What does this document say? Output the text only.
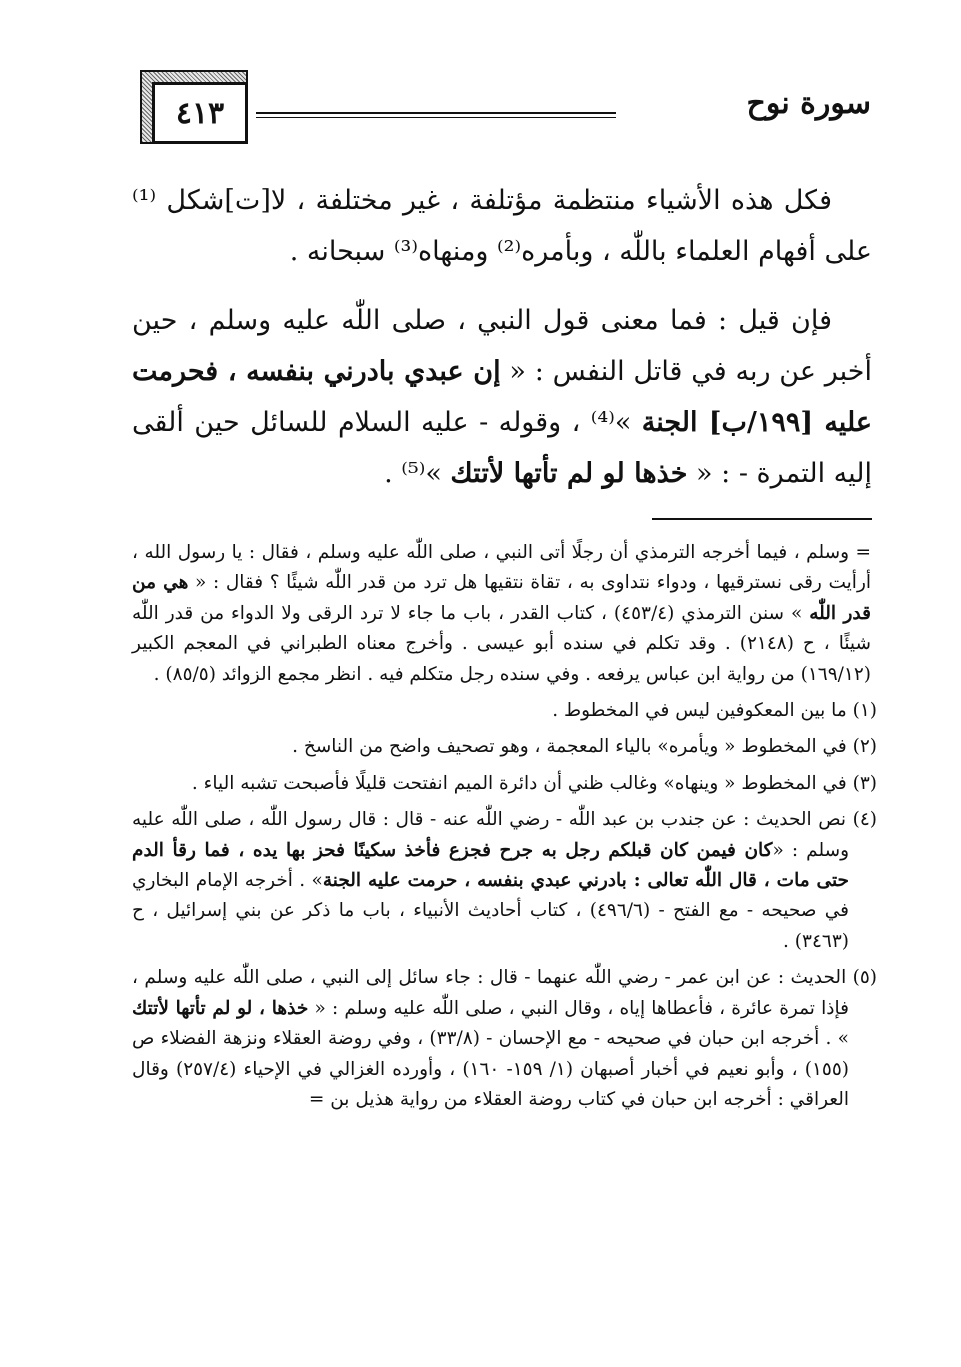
٤١٣	سورة نوح

فكل هذه الأشياء منتظمة مؤتلفة ، غير مختلفة ، لا[ت]شكل ⁽¹⁾ على أفهام العلماء باللّٰه ، وبأمره⁽²⁾ ومنهاه⁽³⁾ سبحانه .

فإن قيل : فما معنى قول النبي ، صلى اللّٰه عليه وسلم ، حين أخبر عن ربه في قاتل النفس : « إن عبدي بادرني بنفسه ، فحرمت عليه [١٩٩/ب] الجنة »⁽⁴⁾ ، وقوله - عليه السلام للسائل حين ألقى إليه التمرة - : « خذها لو لم تأتها لأتتك »⁽⁵⁾ .

= وسلم ، فيما أخرجه الترمذي أن رجلًا أتى النبي ، صلى اللّٰه عليه وسلم ، فقال : يا رسول الله ، أرأيت رقى نسترقيها ، ودواء نتداوى به ، تقاة نتقيها هل ترد من قدر اللّٰه شيئًا ؟ فقال : « هي من قدر اللّٰه » سنن الترمذي (٤٥٣/٤) ، كتاب القدر ، باب ما جاء لا ترد الرقى ولا الدواء من قدر اللّٰه شيئًا ، ح (٢١٤٨) . وقد تكلم في سنده أبو عيسى . وأخرج معناه الطبراني في المعجم الكبير (١٦٩/١٢) من رواية ابن عباس يرفعه . وفي سنده رجل متكلم فيه . انظر مجمع الزوائد (٨٥/٥) .

(١) ما بين المعكوفين ليس في المخطوط .

(٢) في المخطوط « ويأمره» بالياء المعجمة ، وهو تصحيف واضح من الناسخ .

(٣) في المخطوط « وينهاه» وغالب ظني أن دائرة الميم انفتحت قليلًا فأصبحت تشبه الياء .

(٤) نص الحديث : عن جندب بن عبد اللّٰه - رضي اللّٰه عنه - قال : قال رسول اللّٰه ، صلى اللّٰه عليه وسلم : «كان فيمن كان قبلكم رجل به جرح فجزع فأخذ سكينًا فحز بها يده ، فما رقأ الدم حتى مات ، قال اللّٰه تعالى : بادرني عبدي بنفسه ، حرمت عليه الجنة» . أخرجه الإمام البخاري في صحيحه - مع الفتح - (٤٩٦/٦) ، كتاب أحاديث الأنبياء ، باب ما ذكر عن بني إسرائيل ، ح (٣٤٦٣) .

(٥) الحديث : عن ابن عمر - رضي اللّٰه عنهما - قال : جاء سائل إلى النبي ، صلى اللّٰه عليه وسلم ، فإذا تمرة عائرة ، فأعطاها إياه ، وقال النبي ، صلى اللّٰه عليه وسلم : « خذها ، لو لم تأتها لأتتك » . أخرجه ابن حبان في صحيحه - مع الإحسان - (٣٣/٨) ، وفي روضة العقلاء ونزهة الفضلاء ص (١٥٥) ، وأبو نعيم في أخبار أصبهان (١/ ١٥٩- ١٦٠) ، وأورده الغزالي في الإحياء (٢٥٧/٤) وقال العراقي : أخرجه ابن حبان في كتاب روضة العقلاء من رواية هذيل بن =
